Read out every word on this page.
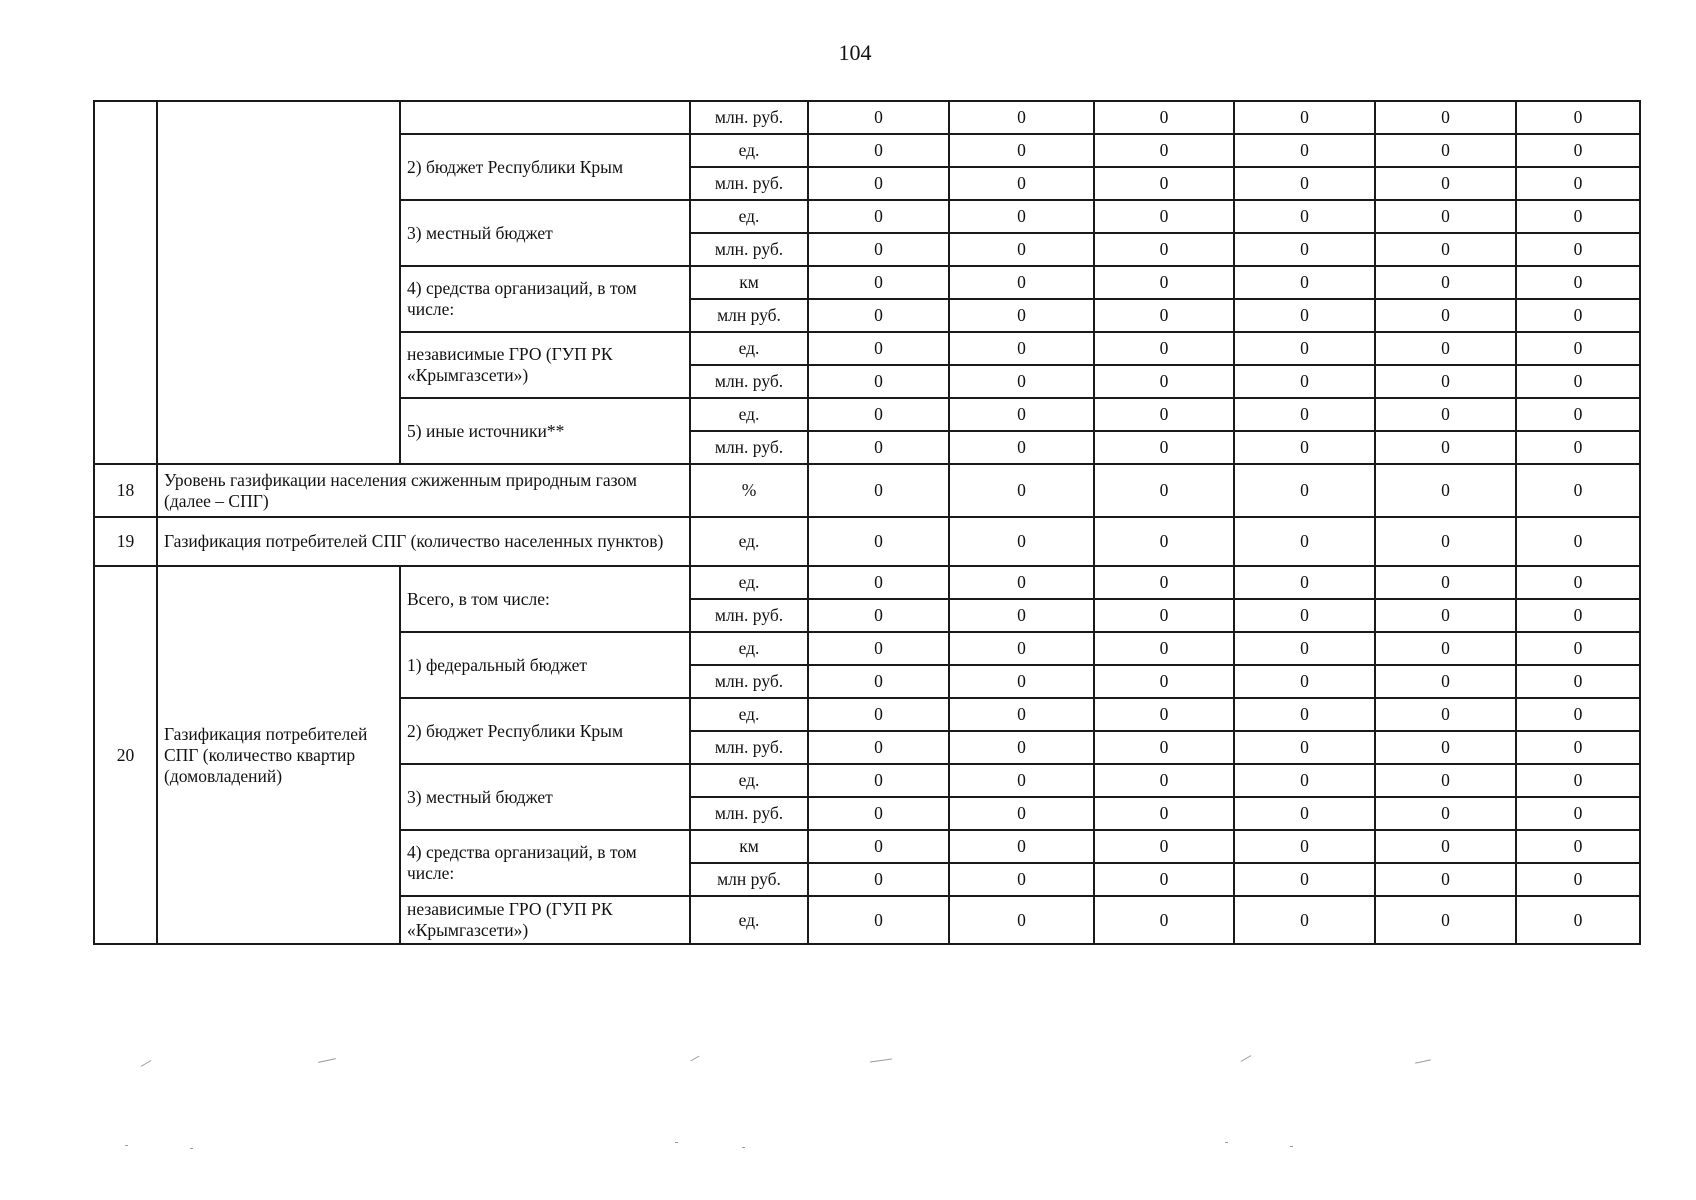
104
			млн. руб.	0	0	0	0	0	0
		2) бюджет Республики Крым	ед.	0	0	0	0	0	0
			млн. руб.	0	0	0	0	0	0
		3) местный бюджет	ед.	0	0	0	0	0	0
			млн. руб.	0	0	0	0	0	0
		4) средства организаций, в том числе:	км	0	0	0	0	0	0
			млн руб.	0	0	0	0	0	0
		независимые ГРО (ГУП РК «Крымгазсети»)	ед.	0	0	0	0	0	0
			млн. руб.	0	0	0	0	0	0
		5) иные источники**	ед.	0	0	0	0	0	0
			млн. руб.	0	0	0	0	0	0
18	Уровень газификации населения сжиженным природным газом (далее – СПГ)		%	0	0	0	0	0	0
19	Газификация потребителей СПГ (количество населенных пунктов)		ед.	0	0	0	0	0	0
20	Газификация потребителей СПГ (количество квартир (домовладений)	Всего, в том числе:	ед.	0	0	0	0	0	0
			млн. руб.	0	0	0	0	0	0
		1) федеральный бюджет	ед.	0	0	0	0	0	0
			млн. руб.	0	0	0	0	0	0
		2) бюджет Республики Крым	ед.	0	0	0	0	0	0
			млн. руб.	0	0	0	0	0	0
		3) местный бюджет	ед.	0	0	0	0	0	0
			млн. руб.	0	0	0	0	0	0
		4) средства организаций, в том числе:	км	0	0	0	0	0	0
			млн руб.	0	0	0	0	0	0
		независимые ГРО (ГУП РК «Крымгазсети»)	ед.	0	0	0	0	0	0
